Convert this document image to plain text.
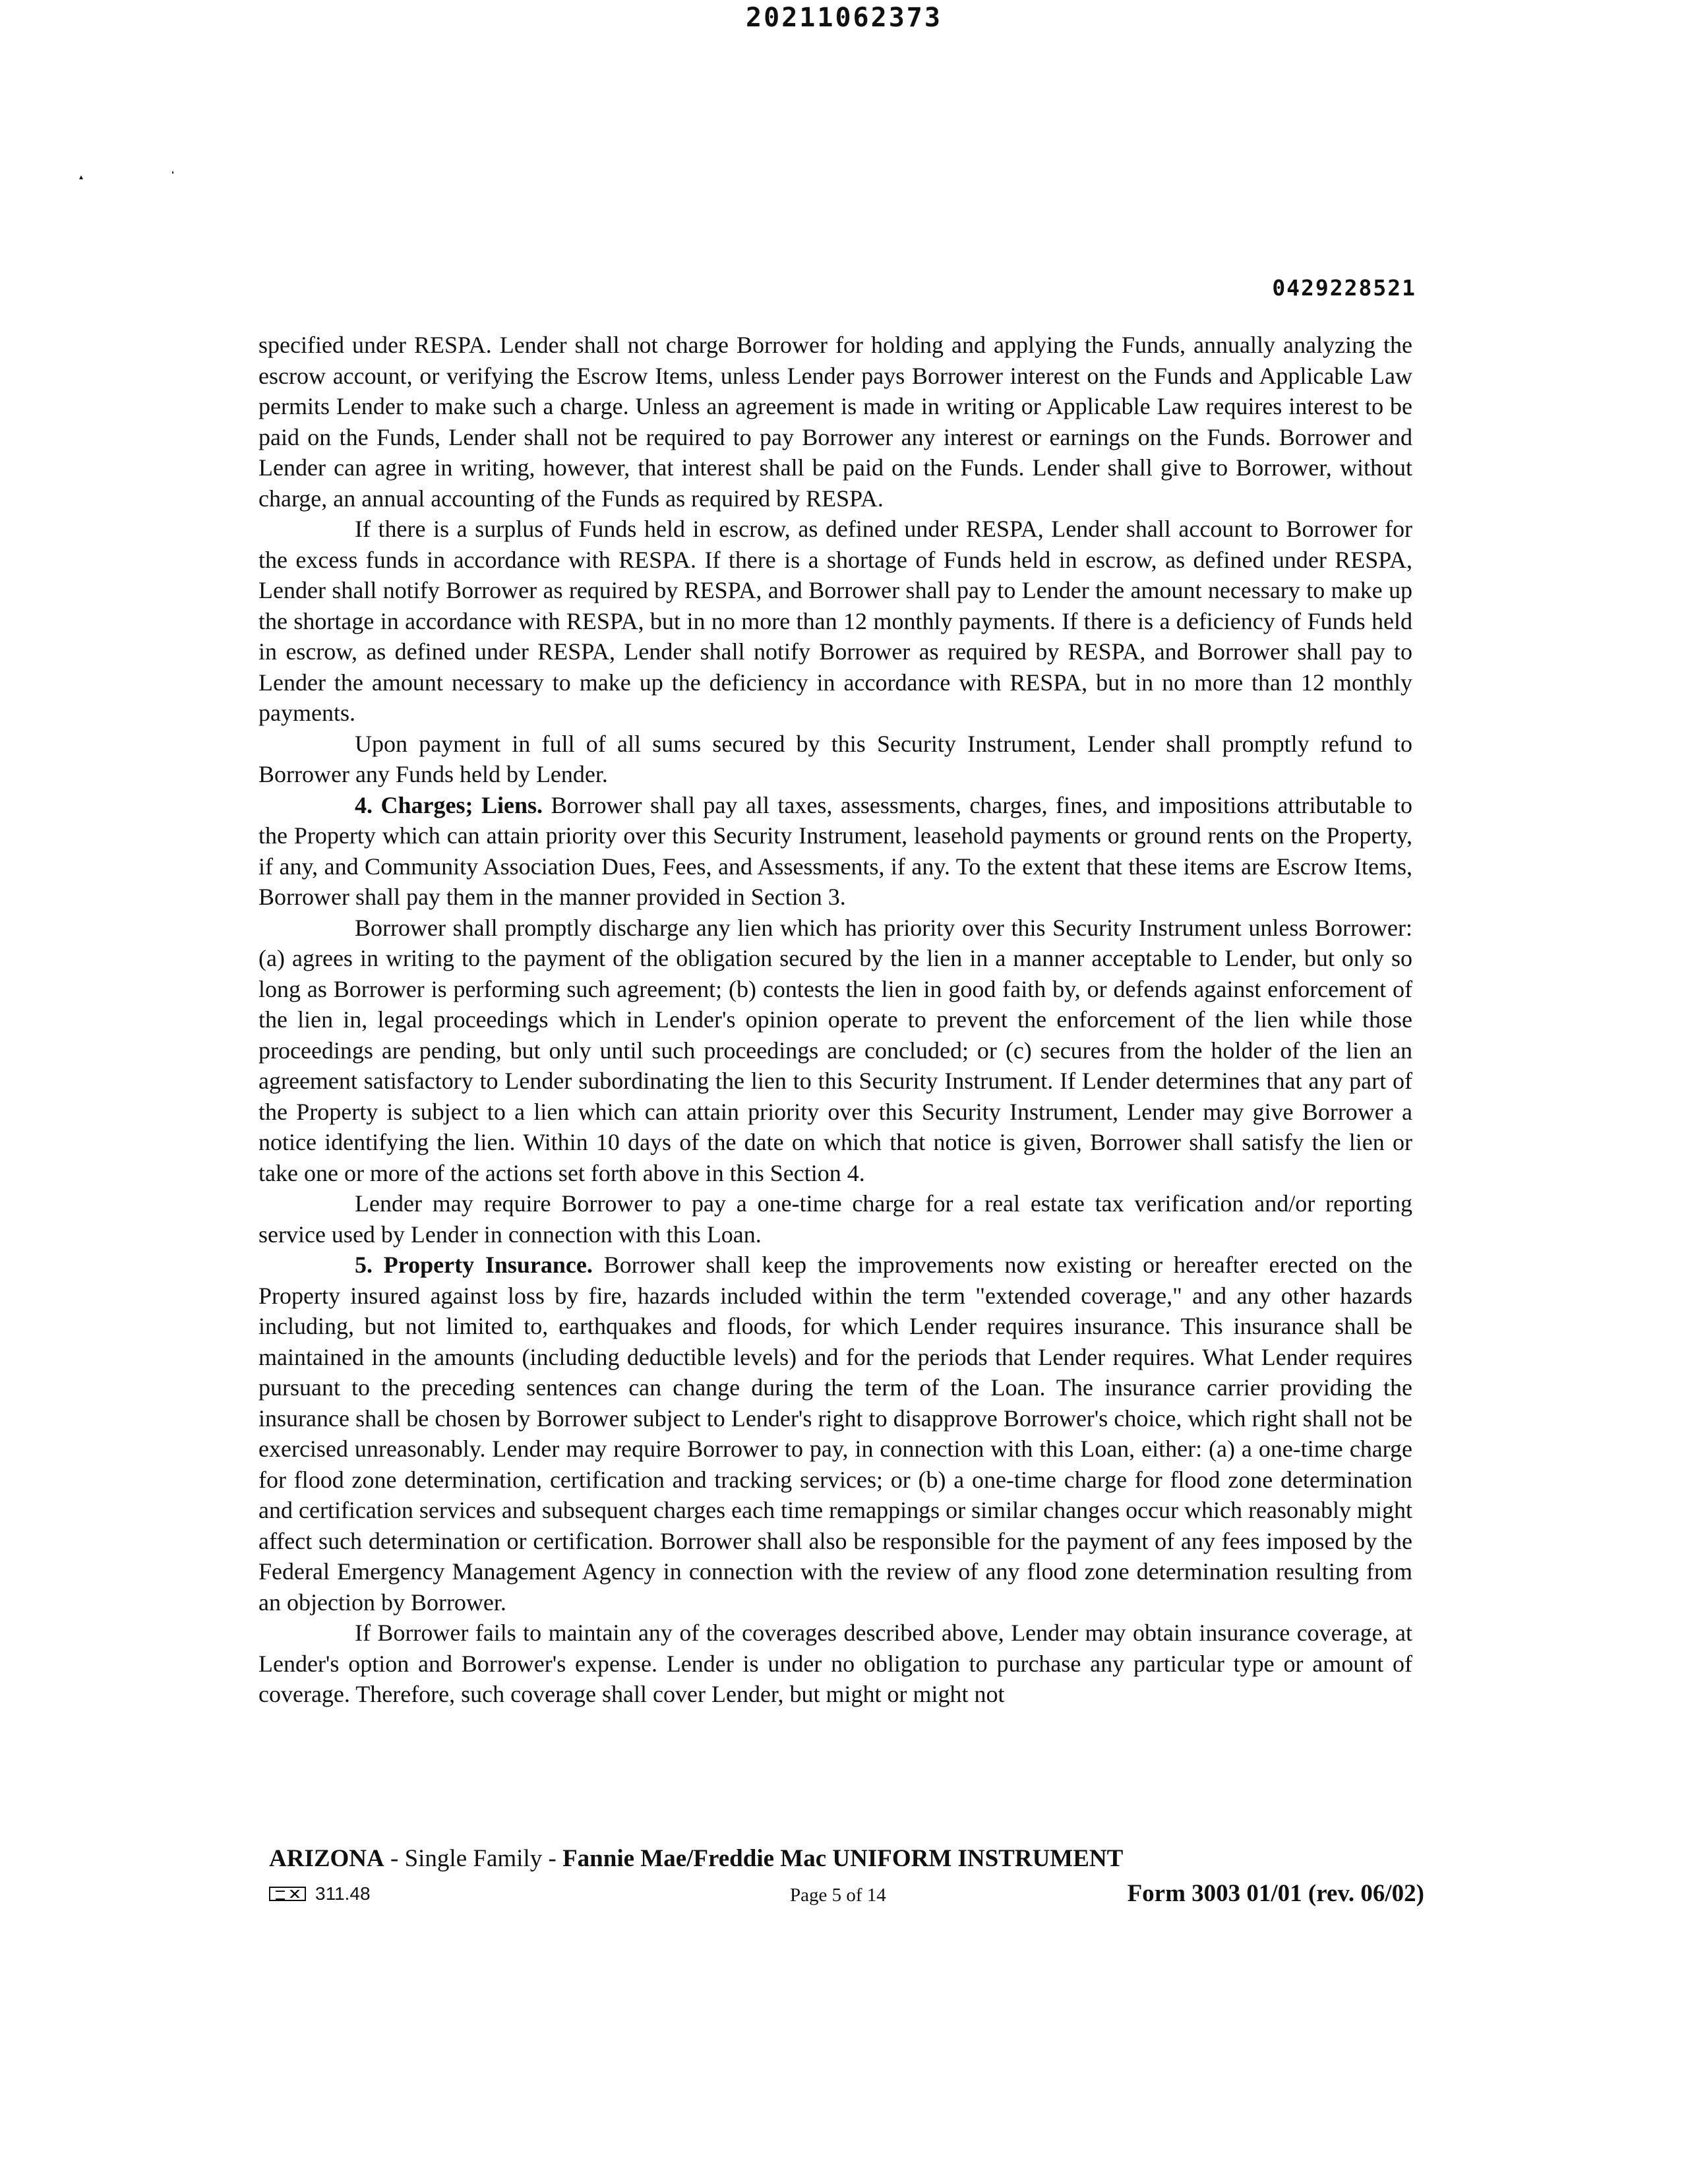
20211062373
▴	❛
0429228521

specified under RESPA. Lender shall not charge Borrower for holding and applying the Funds, annually analyzing the escrow account, or verifying the Escrow Items, unless Lender pays Borrower interest on the Funds and Applicable Law permits Lender to make such a charge. Unless an agreement is made in writing or Applicable Law requires interest to be paid on the Funds, Lender shall not be required to pay Borrower any interest or earnings on the Funds. Borrower and Lender can agree in writing, however, that interest shall be paid on the Funds. Lender shall give to Borrower, without charge, an annual accounting of the Funds as required by RESPA.

If there is a surplus of Funds held in escrow, as defined under RESPA, Lender shall account to Borrower for the excess funds in accordance with RESPA. If there is a shortage of Funds held in escrow, as defined under RESPA, Lender shall notify Borrower as required by RESPA, and Borrower shall pay to Lender the amount necessary to make up the shortage in accordance with RESPA, but in no more than 12 monthly payments. If there is a deficiency of Funds held in escrow, as defined under RESPA, Lender shall notify Borrower as required by RESPA, and Borrower shall pay to Lender the amount necessary to make up the deficiency in accordance with RESPA, but in no more than 12 monthly payments.

Upon payment in full of all sums secured by this Security Instrument, Lender shall promptly refund to Borrower any Funds held by Lender.

4. Charges; Liens. Borrower shall pay all taxes, assessments, charges, fines, and impositions attributable to the Property which can attain priority over this Security Instrument, leasehold payments or ground rents on the Property, if any, and Community Association Dues, Fees, and Assessments, if any. To the extent that these items are Escrow Items, Borrower shall pay them in the manner provided in Section 3.

Borrower shall promptly discharge any lien which has priority over this Security Instrument unless Borrower: (a) agrees in writing to the payment of the obligation secured by the lien in a manner acceptable to Lender, but only so long as Borrower is performing such agreement; (b) contests the lien in good faith by, or defends against enforcement of the lien in, legal proceedings which in Lender's opinion operate to prevent the enforcement of the lien while those proceedings are pending, but only until such proceedings are concluded; or (c) secures from the holder of the lien an agreement satisfactory to Lender subordinating the lien to this Security Instrument. If Lender determines that any part of the Property is subject to a lien which can attain priority over this Security Instrument, Lender may give Borrower a notice identifying the lien. Within 10 days of the date on which that notice is given, Borrower shall satisfy the lien or take one or more of the actions set forth above in this Section 4.

Lender may require Borrower to pay a one-time charge for a real estate tax verification and/or reporting service used by Lender in connection with this Loan.

5. Property Insurance. Borrower shall keep the improvements now existing or hereafter erected on the Property insured against loss by fire, hazards included within the term "extended coverage," and any other hazards including, but not limited to, earthquakes and floods, for which Lender requires insurance. This insurance shall be maintained in the amounts (including deductible levels) and for the periods that Lender requires. What Lender requires pursuant to the preceding sentences can change during the term of the Loan. The insurance carrier providing the insurance shall be chosen by Borrower subject to Lender's right to disapprove Borrower's choice, which right shall not be exercised unreasonably. Lender may require Borrower to pay, in connection with this Loan, either: (a) a one-time charge for flood zone determination, certification and tracking services; or (b) a one-time charge for flood zone determination and certification services and subsequent charges each time remappings or similar changes occur which reasonably might affect such determination or certification. Borrower shall also be responsible for the payment of any fees imposed by the Federal Emergency Management Agency in connection with the review of any flood zone determination resulting from an objection by Borrower.

If Borrower fails to maintain any of the coverages described above, Lender may obtain insurance coverage, at Lender's option and Borrower's expense. Lender is under no obligation to purchase any particular type or amount of coverage. Therefore, such coverage shall cover Lender, but might or might not

ARIZONA - Single Family - Fannie Mae/Freddie Mac UNIFORM INSTRUMENT
311.48	Page 5 of 14	Form 3003 01/01 (rev. 06/02)
